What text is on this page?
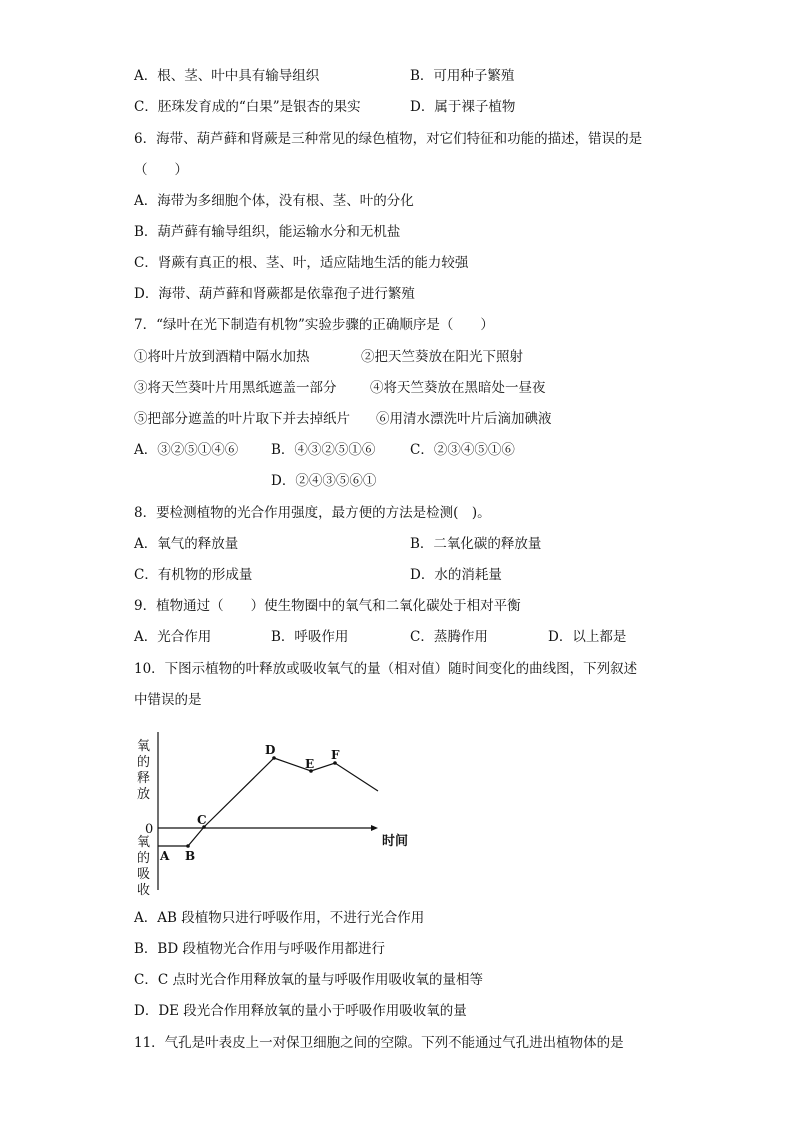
A．根、茎、叶中具有输导组织	B．可用种子繁殖
C．胚珠发育成的“白果”是银杏的果实	D．属于裸子植物
6．海带、葫芦藓和肾蕨是三种常见的绿色植物，对它们特征和功能的描述，错误的是
（　　）
A．海带为多细胞个体，没有根、茎、叶的分化
B．葫芦藓有输导组织，能运输水分和无机盐
C．肾蕨有真正的根、茎、叶，适应陆地生活的能力较强
D．海带、葫芦藓和肾蕨都是依靠孢子进行繁殖
7．“绿叶在光下制造有机物”实验步骤的正确顺序是（　　）
①将叶片放到酒精中隔水加热	②把天竺葵放在阳光下照射
③将天竺葵叶片用黑纸遮盖一部分 ④将天竺葵放在黑暗处一昼夜
⑤把部分遮盖的叶片取下并去掉纸片 ⑥用清水漂洗叶片后滴加碘液
A．③②⑤①④⑥ B．④③②⑤①⑥	C．②③④⑤①⑥
D．②④③⑤⑥①
8．要检测植物的光合作用强度，最方便的方法是检测(　)。
A．氧气的释放量	B．二氧化碳的释放量
C．有机物的形成量	D．水的消耗量
9．植物通过（　　）使生物圈中的氧气和二氧化碳处于相对平衡
A．光合作用	B．呼吸作用	C．蒸腾作用	D．以上都是
10．下图示植物的叶释放或吸收氧气的量（相对值）随时间变化的曲线图，下列叙述
中错误的是
氧
的
释
放
0
氧
的
吸
收
A B
C
D
E
F
时间
A．AB 段植物只进行呼吸作用，不进行光合作用
B．BD 段植物光合作用与呼吸作用都进行
C．C 点时光合作用释放氧的量与呼吸作用吸收氧的量相等
D．DE 段光合作用释放氧的量小于呼吸作用吸收氧的量
11．气孔是叶表皮上一对保卫细胞之间的空隙。下列不能通过气孔进出植物体的是
